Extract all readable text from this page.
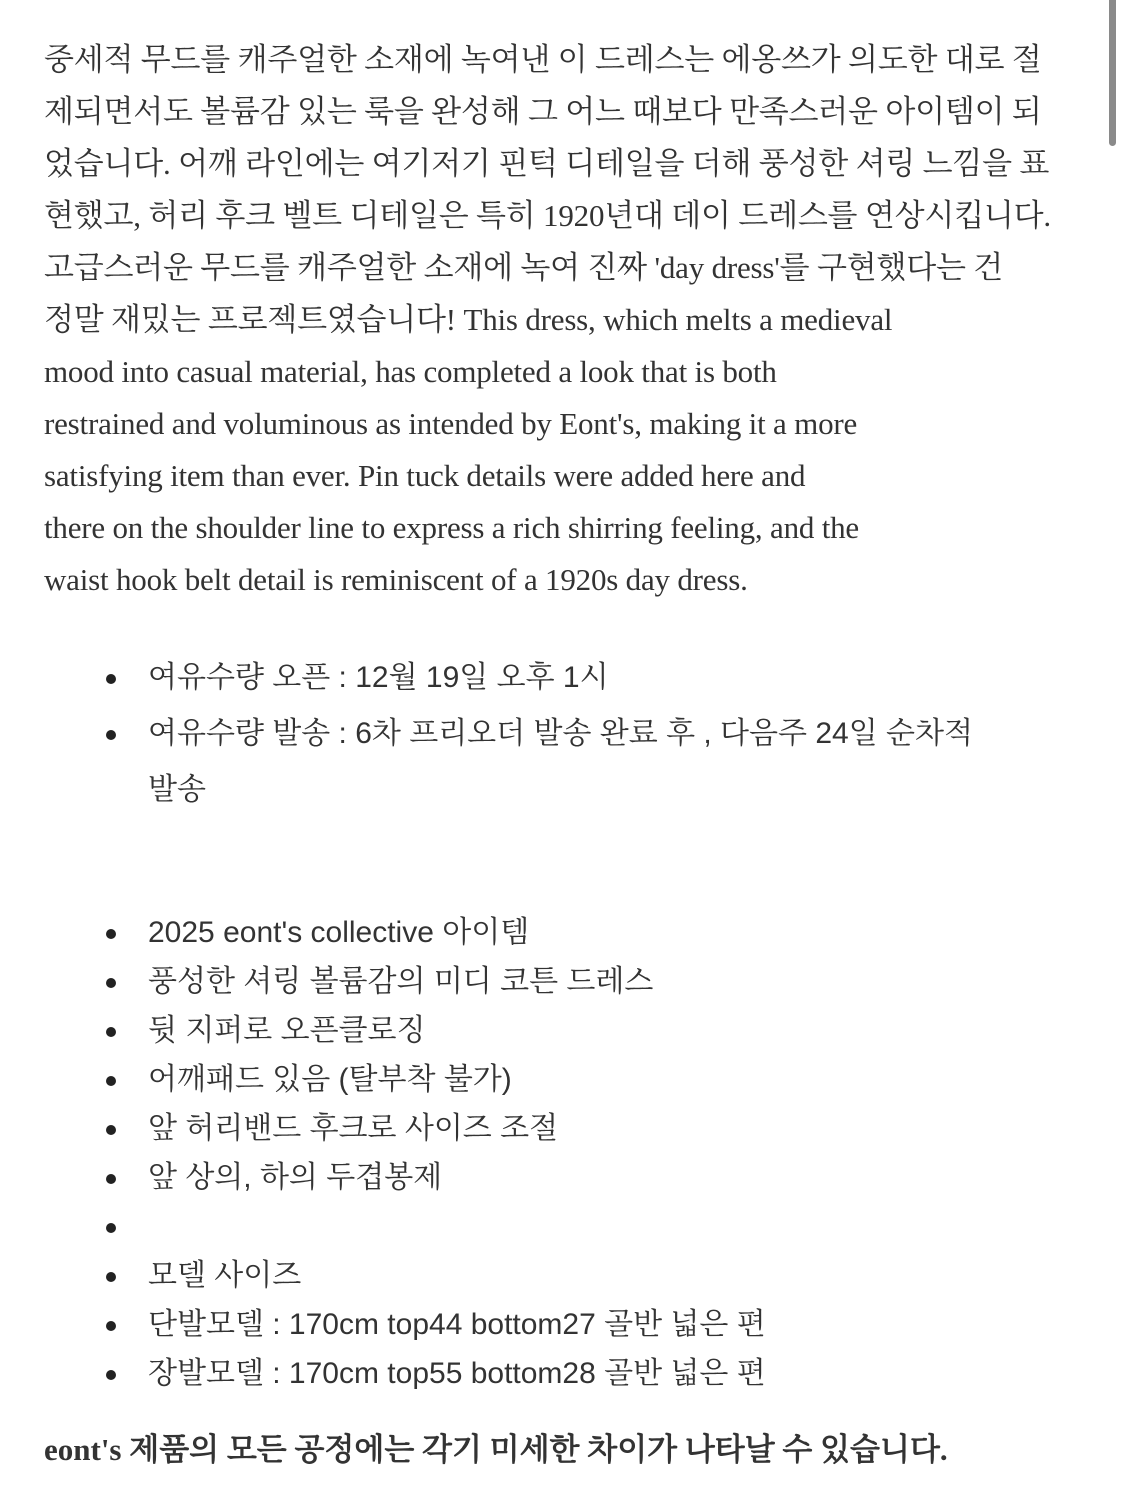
중세적 무드를 캐주얼한 소재에 녹여낸 이 드레스는 에옹쓰가 의도한 대로 절
제되면서도 볼륨감 있는 룩을 완성해 그 어느 때보다 만족스러운 아이템이 되
었습니다. 어깨 라인에는 여기저기 핀턱 디테일을 더해 풍성한 셔링 느낌을 표
현했고, 허리 후크 벨트 디테일은 특히 1920년대 데이 드레스를 연상시킵니다.
고급스러운 무드를 캐주얼한 소재에 녹여 진짜 'day dress'를 구현했다는 건
정말 재밌는 프로젝트였습니다! This dress, which melts a medieval
mood into casual material, has completed a look that is both
restrained and voluminous as intended by Eont's, making it a more
satisfying item than ever. Pin tuck details were added here and
there on the shoulder line to express a rich shirring feeling, and the
waist hook belt detail is reminiscent of a 1920s day dress.
여유수량 오픈 : 12월 19일 오후 1시
여유수량 발송 : 6차 프리오더 발송 완료 후 , 다음주 24일 순차적
발송
2025 eont's collective 아이템
풍성한 셔링 볼륨감의 미디 코튼 드레스
뒷 지퍼로 오픈클로징
어깨패드 있음 (탈부착 불가)
앞 허리밴드 후크로 사이즈 조절
앞 상의, 하의 두겹봉제
모델 사이즈
단발모델 : 170cm top44 bottom27 골반 넓은 편
장발모델 : 170cm top55 bottom28 골반 넓은 편

eont's 제품의 모든 공정에는 각기 미세한 차이가 나타날 수 있습니다.
